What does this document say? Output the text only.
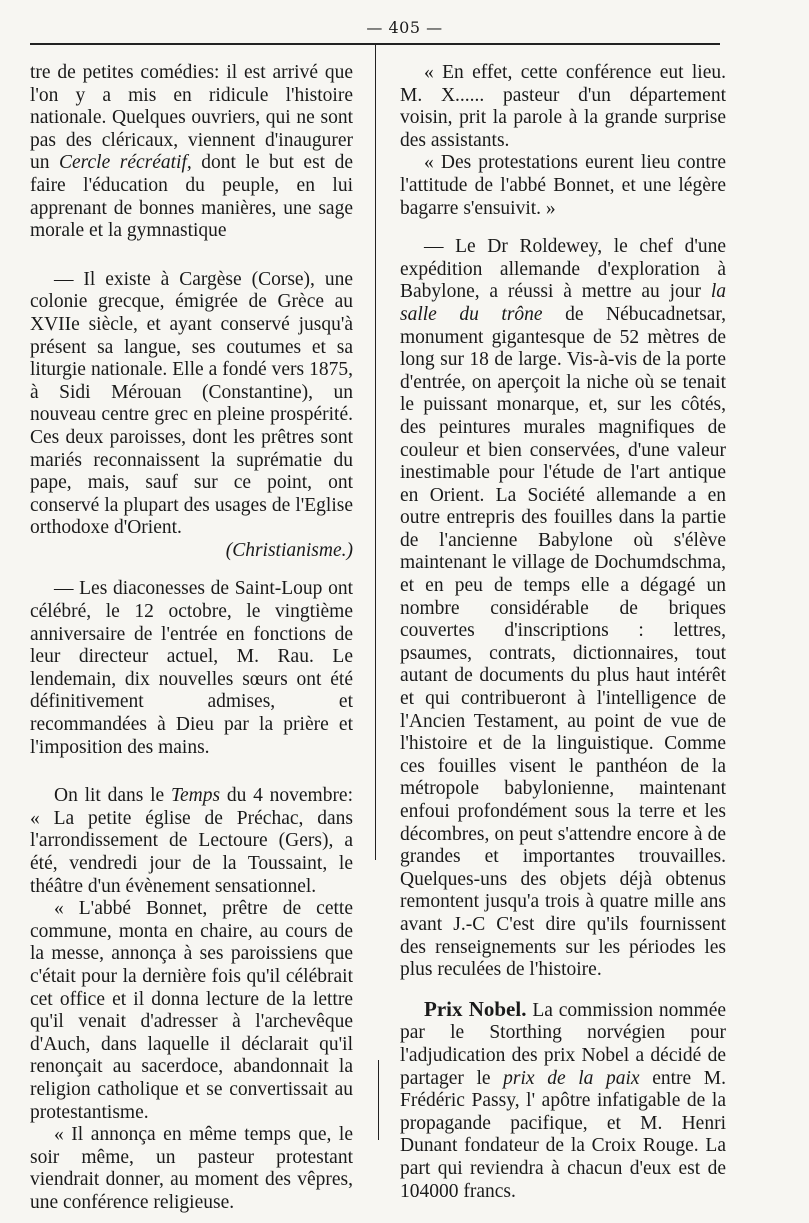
— 405 —

tre de petites comédies: il est arrivé que l'on y a mis en ridicule l'histoire nationale. Quelques ouvriers, qui ne sont pas des cléricaux, viennent d'inaugurer un Cercle récréatif, dont le but est de faire l'éducation du peuple, en lui apprenant de bonnes manières, une sage morale et la gymnastique

— Il existe à Cargèse (Corse), une colonie grecque, émigrée de Grèce au XVIIe siècle, et ayant conservé jusqu'à présent sa langue, ses coutumes et sa liturgie nationale. Elle a fondé vers 1875, à Sidi Mérouan (Constantine), un nouveau centre grec en pleine prospérité. Ces deux paroisses, dont les prêtres sont mariés reconnaissent la suprématie du pape, mais, sauf sur ce point, ont conservé la plupart des usages de l'Eglise orthodoxe d'Orient.

(Christianisme.)

— Les diaconesses de Saint-Loup ont célébré, le 12 octobre, le vingtième anniversaire de l'entrée en fonctions de leur directeur actuel, M. Rau. Le lendemain, dix nouvelles sœurs ont été définitivement admises, et recommandées à Dieu par la prière et l'imposition des mains.

On lit dans le Temps du 4 novembre: « La petite église de Préchac, dans l'arrondissement de Lectoure (Gers), a été, vendredi jour de la Toussaint, le théâtre d'un évènement sensationnel.

« L'abbé Bonnet, prêtre de cette commune, monta en chaire, au cours de la messe, annonça à ses paroissiens que c'était pour la dernière fois qu'il célébrait cet office et il donna lecture de la lettre qu'il venait d'adresser à l'archevêque d'Auch, dans laquelle il déclarait qu'il renonçait au sacerdoce, abandonnait la religion catholique et se convertissait au protestantisme.

« Il annonça en même temps que, le soir même, un pasteur protestant viendrait donner, au moment des vêpres, une conférence religieuse.

« En effet, cette conférence eut lieu. M. X...... pasteur d'un département voisin, prit la parole à la grande surprise des assistants.

« Des protestations eurent lieu contre l'attitude de l'abbé Bonnet, et une légère bagarre s'ensuivit. »

— Le Dr Roldewey, le chef d'une expédition allemande d'exploration à Babylone, a réussi à mettre au jour la salle du trône de Nébucadnetsar, monument gigantesque de 52 mètres de long sur 18 de large. Vis-à-vis de la porte d'entrée, on aperçoit la niche où se tenait le puissant monarque, et, sur les côtés, des peintures murales magnifiques de couleur et bien conservées, d'une valeur inestimable pour l'étude de l'art antique en Orient. La Société allemande a en outre entrepris des fouilles dans la partie de l'ancienne Babylone où s'élève maintenant le village de Dochumdschma, et en peu de temps elle a dégagé un nombre considérable de briques couvertes d'inscriptions : lettres, psaumes, contrats, dictionnaires, tout autant de documents du plus haut intérêt et qui contribueront à l'intelligence de l'Ancien Testament, au point de vue de l'histoire et de la linguistique. Comme ces fouilles visent le panthéon de la métropole babylonienne, maintenant enfoui profondément sous la terre et les décombres, on peut s'attendre encore à de grandes et importantes trouvailles. Quelques-uns des objets déjà obtenus remontent jusqu'a trois à quatre mille ans avant J.-C C'est dire qu'ils fournissent des renseignements sur les périodes les plus reculées de l'histoire.

Prix Nobel. La commission nommée par le Storthing norvégien pour l'adjudication des prix Nobel a décidé de partager le prix de la paix entre M. Frédéric Passy, l' apôtre infatigable de la propagande pacifique, et M. Henri Dunant fondateur de la Croix Rouge. La part qui reviendra à chacun d'eux est de 104000 francs.
